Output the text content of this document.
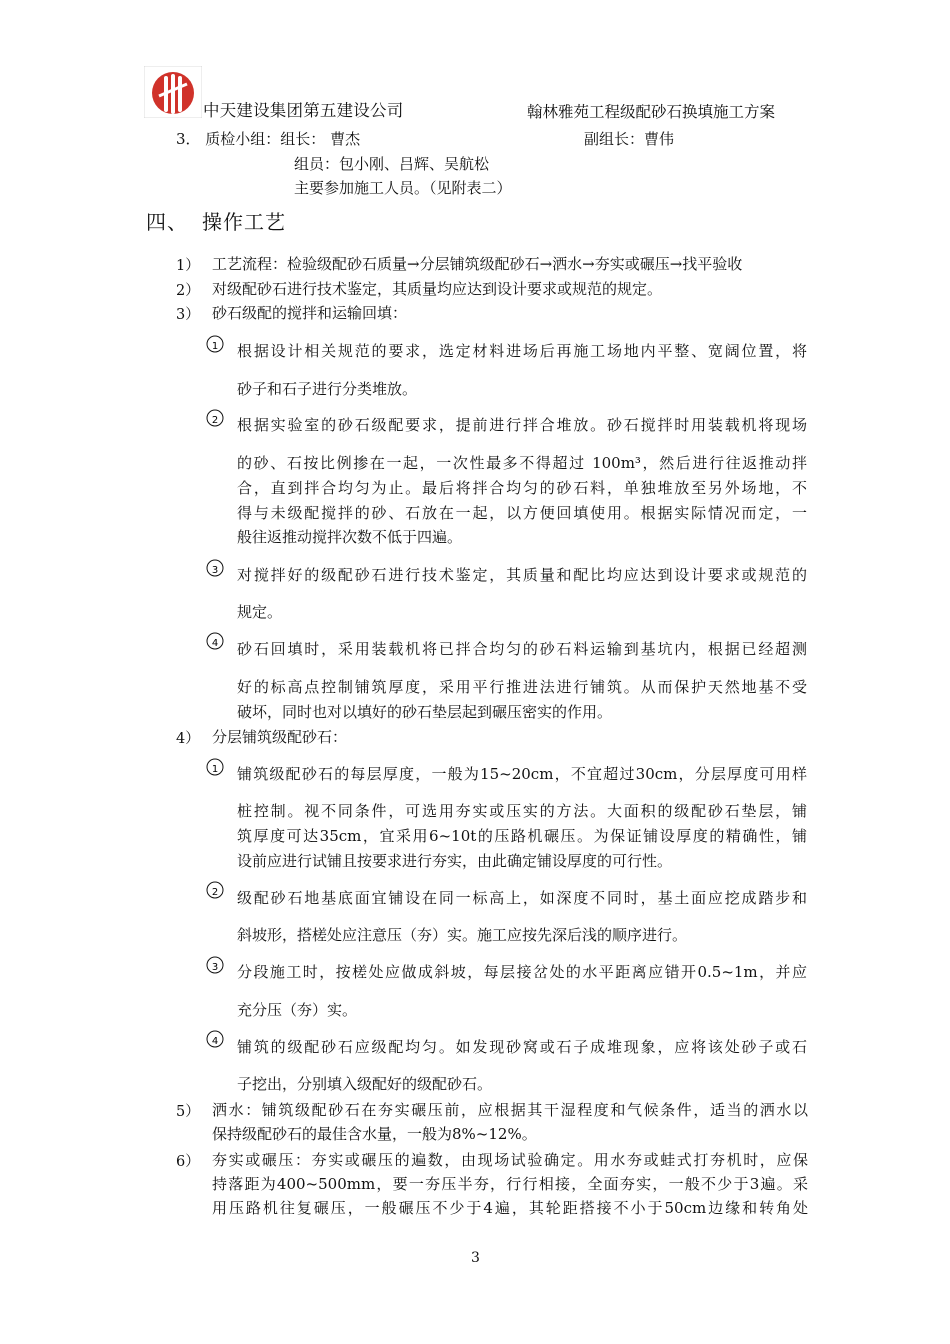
中天建设集团第五建设公司	翰林雅苑工程级配砂石换填施工方案
3． 质检小组：组长： 曹杰	副组长：曹伟
组员：包小刚、吕辉、吴航松
主要参加施工人员。（见附表二）
四、 操作工艺
1） 工艺流程：检验级配砂石质量→分层铺筑级配砂石→洒水→夯实或碾压→找平验收
2） 对级配砂石进行技术鉴定，其质量均应达到设计要求或规范的规定。
3） 砂石级配的搅拌和运输回填：
1 根据设计相关规范的要求，选定材料进场后再施工场地内平整、宽阔位置，将
砂子和石子进行分类堆放。
2 根据实验室的砂石级配要求，提前进行拌合堆放。砂石搅拌时用装载机将现场
的砂、石按比例掺在一起，一次性最多不得超过 100m³，然后进行往返推动拌
合，直到拌合均匀为止。最后将拌合均匀的砂石料，单独堆放至另外场地，不
得与未级配搅拌的砂、石放在一起，以方便回填使用。根据实际情况而定，一
般往返推动搅拌次数不低于四遍。
3 对搅拌好的级配砂石进行技术鉴定，其质量和配比均应达到设计要求或规范的
规定。
4 砂石回填时，采用装载机将已拌合均匀的砂石料运输到基坑内，根据已经超测
好的标高点控制铺筑厚度，采用平行推进法进行铺筑。从而保护天然地基不受
破坏，同时也对以填好的砂石垫层起到碾压密实的作用。
4） 分层铺筑级配砂石：
1 铺筑级配砂石的每层厚度，一般为15~20cm，不宜超过30cm，分层厚度可用样
桩控制。视不同条件，可选用夯实或压实的方法。大面积的级配砂石垫层，铺
筑厚度可达35cm，宜采用6~10t的压路机碾压。为保证铺设厚度的精确性，铺
设前应进行试铺且按要求进行夯实，由此确定铺设厚度的可行性。
2 级配砂石地基底面宜铺设在同一标高上，如深度不同时，基土面应挖成踏步和
斜坡形，搭槎处应注意压（夯）实。施工应按先深后浅的顺序进行。
3 分段施工时，按槎处应做成斜坡，每层接岔处的水平距离应错开0.5~1m，并应
充分压（夯）实。
4 铺筑的级配砂石应级配均匀。如发现砂窝或石子成堆现象，应将该处砂子或石
子挖出，分别填入级配好的级配砂石。
5） 洒水：铺筑级配砂石在夯实碾压前，应根据其干湿程度和气候条件，适当的洒水以
保持级配砂石的最佳含水量，一般为8%~12%。
6） 夯实或碾压：夯实或碾压的遍数，由现场试验确定。用水夯或蛙式打夯机时，应保
持落距为400~500mm，要一夯压半夯，行行相接，全面夯实，一般不少于3遍。采
用压路机往复碾压，一般碾压不少于4遍，其轮距搭接不小于50cm边缘和转角处
3
